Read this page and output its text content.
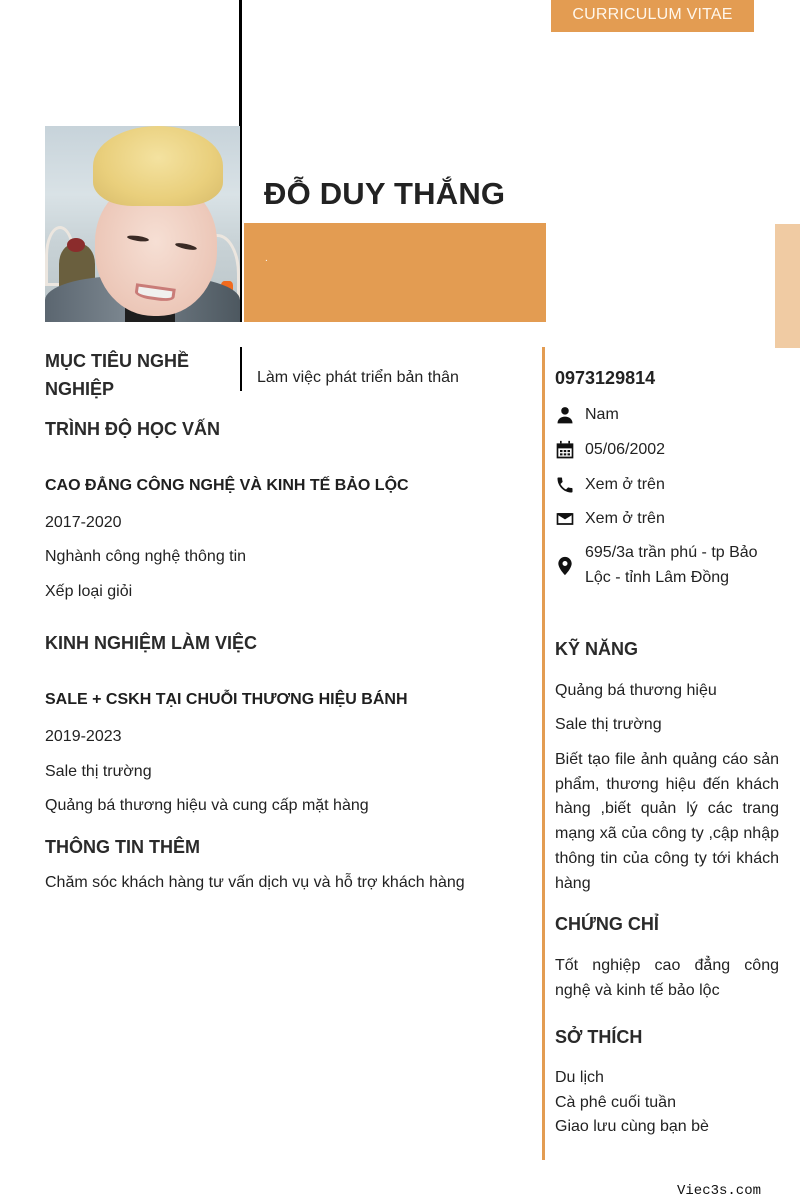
CURRICULUM VITAE
ĐỖ DUY THẮNG
.
MỤC TIÊU NGHỀ NGHIỆP
Làm việc phát triển bản thân
TRÌNH ĐỘ HỌC VẤN
CAO ĐẲNG CÔNG NGHỆ VÀ KINH TẾ BẢO LỘC
2017-2020
Nghành công nghệ thông tin
Xếp loại giỏi
KINH NGHIỆM LÀM VIỆC
SALE + CSKH TẠI CHUỖI THƯƠNG HIỆU BÁNH
2019-2023
Sale thị trường
Quảng bá thương hiệu và cung cấp mặt hàng
THÔNG TIN THÊM
Chăm sóc khách hàng tư vấn dịch vụ và hỗ trợ khách hàng
0973129814
Nam
05/06/2002
Xem ở trên
Xem ở trên
695/3a trần phú - tp Bảo Lộc - tỉnh Lâm Đồng
KỸ NĂNG
Quảng bá thương hiệu
Sale thị trường
Biết tạo file ảnh quảng cáo sản phẩm, thương hiệu đến khách hàng ,biết quản lý các trang mạng xã của công ty ,cập nhập thông tin của công ty tới khách hàng
CHỨNG CHỈ
Tốt nghiệp cao đẳng công nghệ và kinh tế bảo lộc
SỞ THÍCH
Du lịch
Cà phê cuối tuần
Giao lưu cùng bạn bè
Viec3s.com
